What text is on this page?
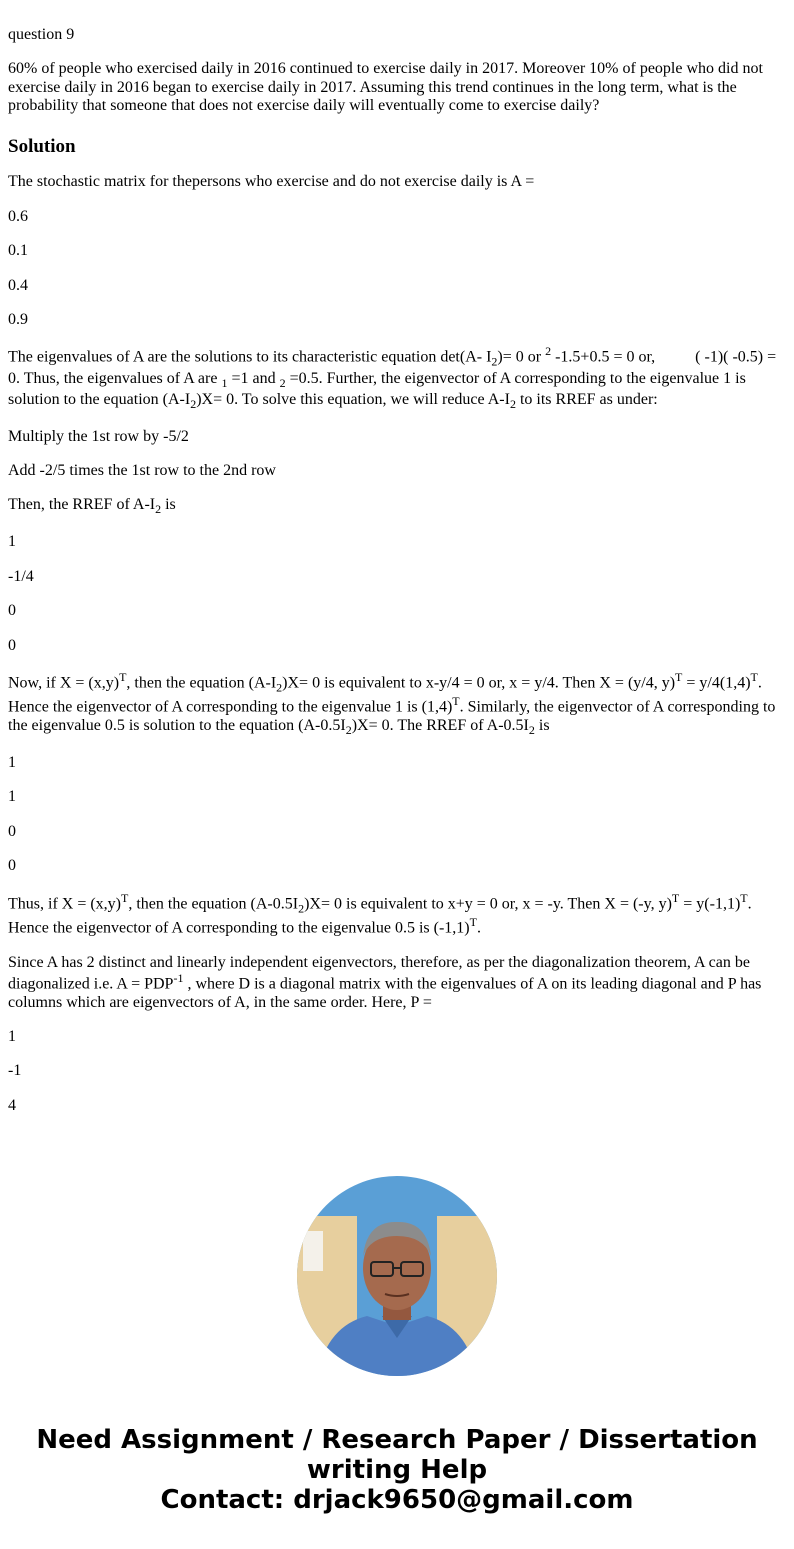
question 9

60% of people who exercised daily in 2016 continued to exercise daily in 2017. Moreover 10% of people who did not exercise daily in 2016 began to exercise daily in 2017. Assuming this trend continues in the long term, what is the probability that someone that does not exercise daily will eventually come to exercise daily?

Solution

The stochastic matrix for thepersons who exercise and do not exercise daily is A =

0.6

0.1

0.4

0.9

The eigenvalues of A are the solutions to its characteristic equation det(A- $I_2)= 0$ or $^2$ -1.5+0.5 = 0 or,          ( -1)( -0.5) = 0. Thus, the eigenvalues of A are $_1$ =1 and $_2$ =0.5. Further, the eigenvector of A corresponding to the eigenvalue 1 is solution to the equation $(A-I_2)X= 0$. To solve this equation, we will reduce $A-I_2$ to its RREF as under:

Multiply the 1st row by -5/2

Add -2/5 times the 1st row to the 2nd row

Then, the RREF of $A-I_2$ is

1

-1/4

0

0

Now, if $X = (x,y)^T$, then the equation $(A-I_2)X= 0$ is equivalent to x-y/4 = 0 or, x = y/4. Then X = (y/4, $y)^T = y/4(1,4)^T$. Hence the eigenvector of A corresponding to the eigenvalue 1 is $(1,4)^T$. Similarly, the eigenvector of A corresponding to the eigenvalue 0.5 is solution to the equation $(A-0.5I_2)X= 0$. The RREF of $A-0.5I_2$ is

1

1

0

0

Thus, if $X = (x,y)^T$, then the equation $(A-0.5I_2)X= 0$ is equivalent to x+y = 0 or, x = -y. Then X = (-y, $y)^T = y(-1,1)^T$. Hence the eigenvector of A corresponding to the eigenvalue 0.5 is $(-1,1)^T$.

Since A has 2 distinct and linearly independent eigenvectors, therefore, as per the diagonalization theorem, A can be diagonalized i.e. $A = PDP^{-1}$ , where D is a diagonal matrix with the eigenvalues of A on its leading diagonal and P has columns which are eigenvectors of A, in the same order. Here, P =

1

-1

4

Need Assignment / Research Paper / Dissertation
writing Help
Contact: drjack9650@gmail.com
